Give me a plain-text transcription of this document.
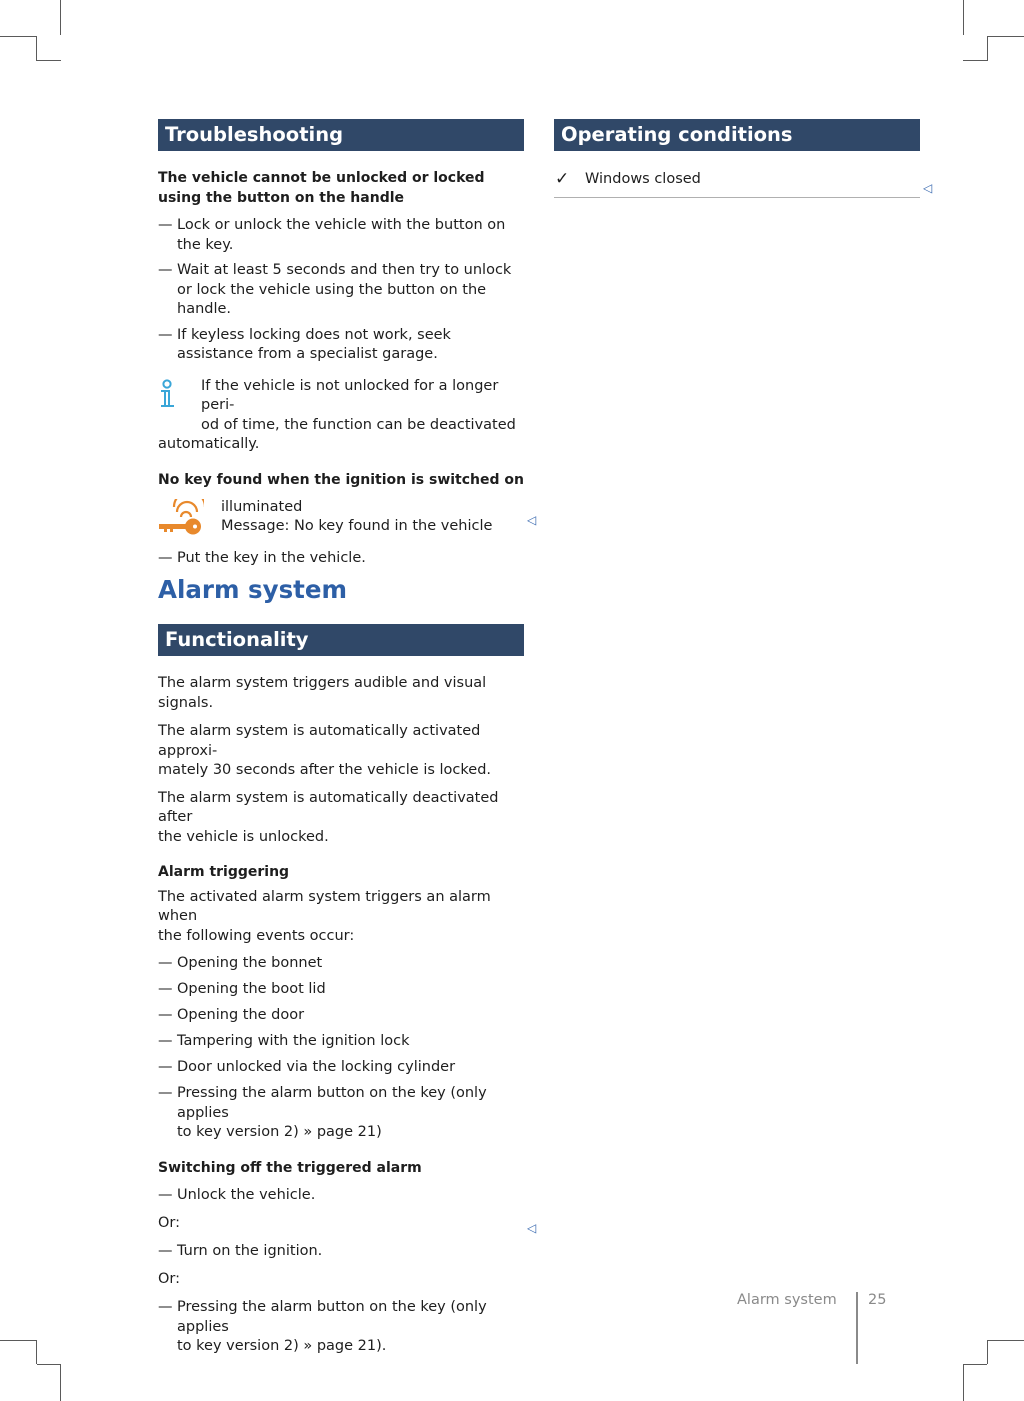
Troubleshooting

The vehicle cannot be unlocked or locked using the button on the handle

— Lock or unlock the vehicle with the button on the key.
— Wait at least 5 seconds and then try to unlock or lock the vehicle using the button on the handle.
— If keyless locking does not work, seek assistance from a specialist garage.
If the vehicle is not unlocked for a longer peri-
od of time, the function can be deactivated
automatically.

No key found when the ignition is switched on

illuminated
Message: No key found in the vehicle
— Put the key in the vehicle.
◁
Alarm system
Functionality

The alarm system triggers audible and visual signals.

The alarm system is automatically activated approxi-
mately 30 seconds after the vehicle is locked.
The alarm system is automatically deactivated after
the vehicle is unlocked.

Alarm triggering

The activated alarm system triggers an alarm when
the following events occur:
— Opening the bonnet
— Opening the boot lid
— Opening the door
— Tampering with the ignition lock
— Door unlocked via the locking cylinder
— Pressing the alarm button on the key (only applies
to key version 2) » page 21)

Switching off the triggered alarm

— Unlock the vehicle.

Or:

— Turn on the ignition.

Or:

— Pressing the alarm button on the key (only applies
to key version 2) » page 21).
◁
Operating conditions
✓ Windows closed
◁
Alarm system 25
